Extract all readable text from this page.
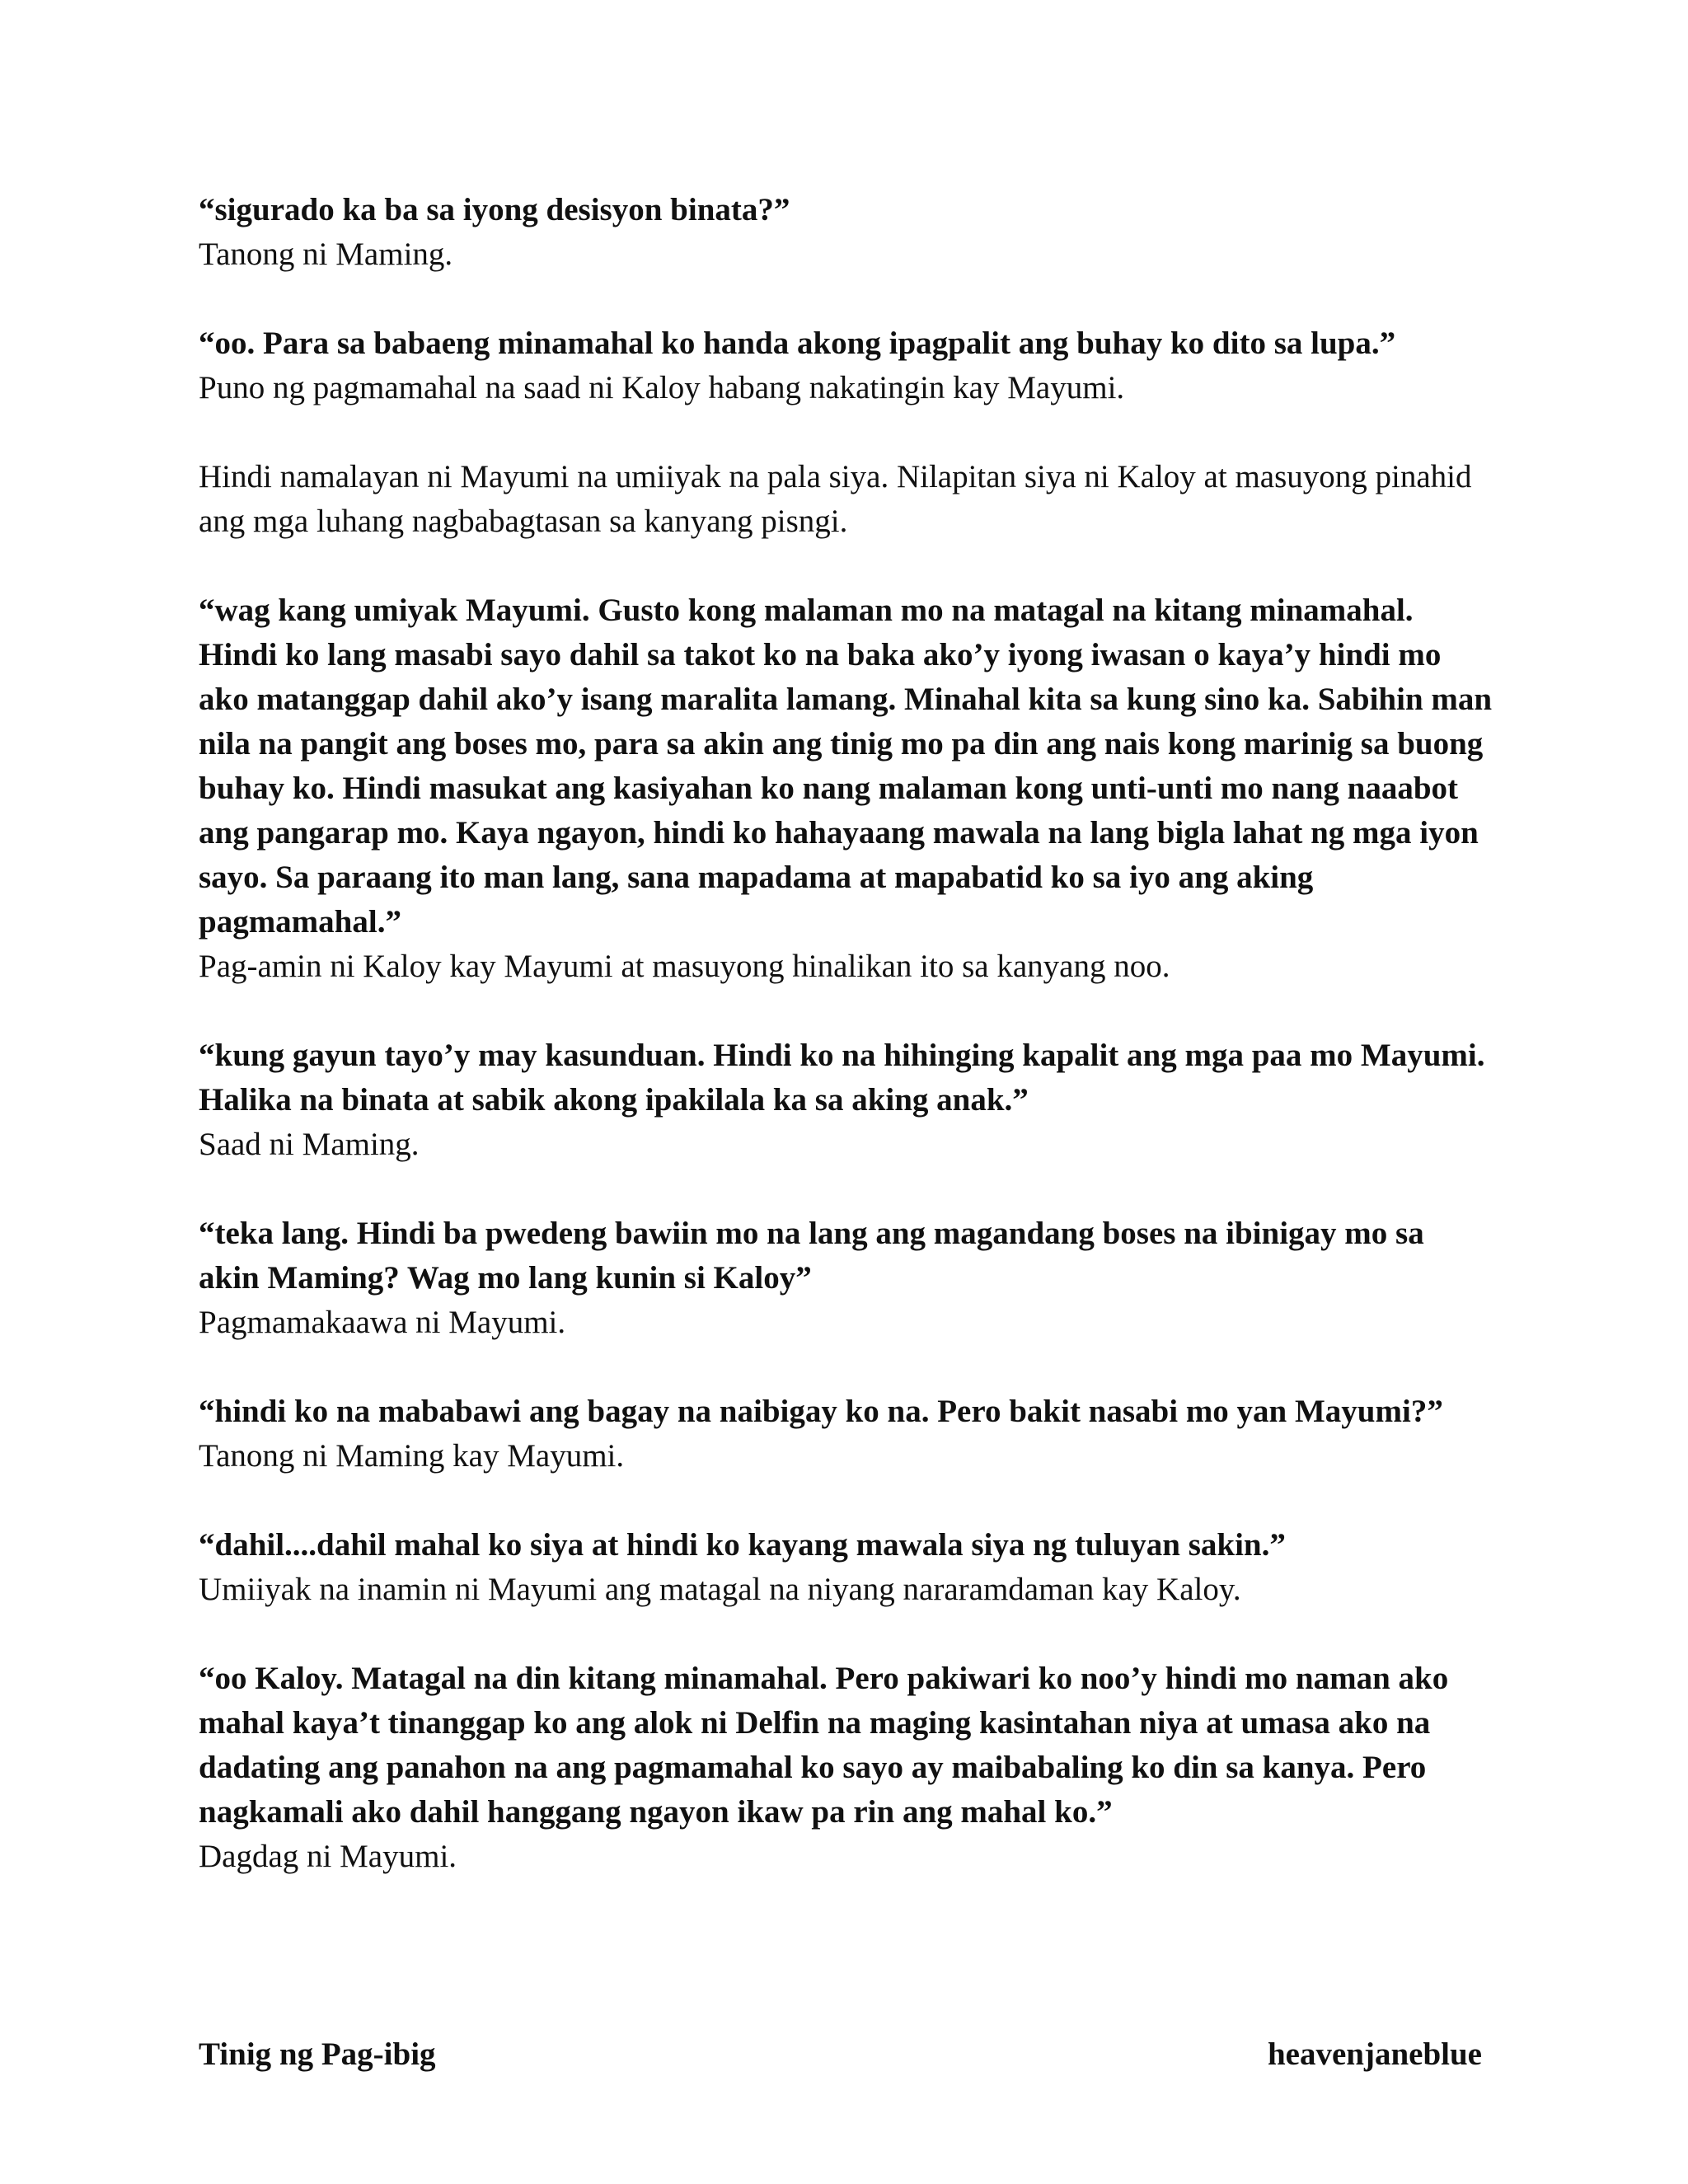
“sigurado ka ba sa iyong desisyon binata?”

Tanong ni Maming.

“oo. Para sa babaeng minamahal ko handa akong ipagpalit ang buhay ko dito sa lupa.”

Puno ng pagmamahal na saad ni Kaloy habang nakatingin kay Mayumi.

Hindi namalayan ni Mayumi na umiiyak na pala siya. Nilapitan siya ni Kaloy at masuyong pinahid ang mga luhang nagbabagtasan sa kanyang pisngi.

“wag kang umiyak Mayumi. Gusto kong malaman mo na matagal na kitang minamahal. Hindi ko lang masabi sayo dahil sa takot ko na baka ako’y iyong iwasan o kaya’y hindi mo ako matanggap dahil ako’y isang maralita lamang. Minahal kita sa kung sino ka. Sabihin man nila na pangit ang boses mo, para sa akin ang tinig mo pa din ang nais kong marinig sa buong buhay ko. Hindi masukat ang kasiyahan ko nang malaman kong unti-unti mo nang naaabot ang pangarap mo. Kaya ngayon, hindi ko hahayaang mawala na lang bigla lahat ng mga iyon sayo. Sa paraang ito man lang, sana mapadama at mapabatid ko sa iyo ang aking pagmamahal.”

Pag-amin ni Kaloy kay Mayumi at masuyong hinalikan ito sa kanyang noo.

“kung gayun tayo’y may kasunduan. Hindi ko na hihinging kapalit ang mga paa mo Mayumi. Halika na binata at sabik akong ipakilala ka sa aking anak.”

Saad ni Maming.

“teka lang. Hindi ba pwedeng bawiin mo na lang ang magandang boses na ibinigay mo sa akin Maming? Wag mo lang kunin si Kaloy”

Pagmamakaawa ni Mayumi.

“hindi ko na mababawi ang bagay na naibigay ko na. Pero bakit nasabi mo yan Mayumi?”

Tanong ni Maming kay Mayumi.

“dahil....dahil mahal ko siya at hindi ko kayang mawala siya ng tuluyan sakin.”

Umiiyak na inamin ni Mayumi ang matagal na niyang nararamdaman kay Kaloy.

“oo Kaloy. Matagal na din kitang minamahal. Pero pakiwari ko noo’y hindi mo naman ako mahal kaya’t tinanggap ko ang alok ni Delfin na maging kasintahan niya at umasa ako na dadating ang panahon na ang pagmamahal ko sayo ay maibabaling ko din sa kanya. Pero nagkamali ako dahil hanggang ngayon ikaw pa rin ang mahal ko.”

Dagdag ni Mayumi.

Tinig ng Pag-ibig	heavenjaneblue
